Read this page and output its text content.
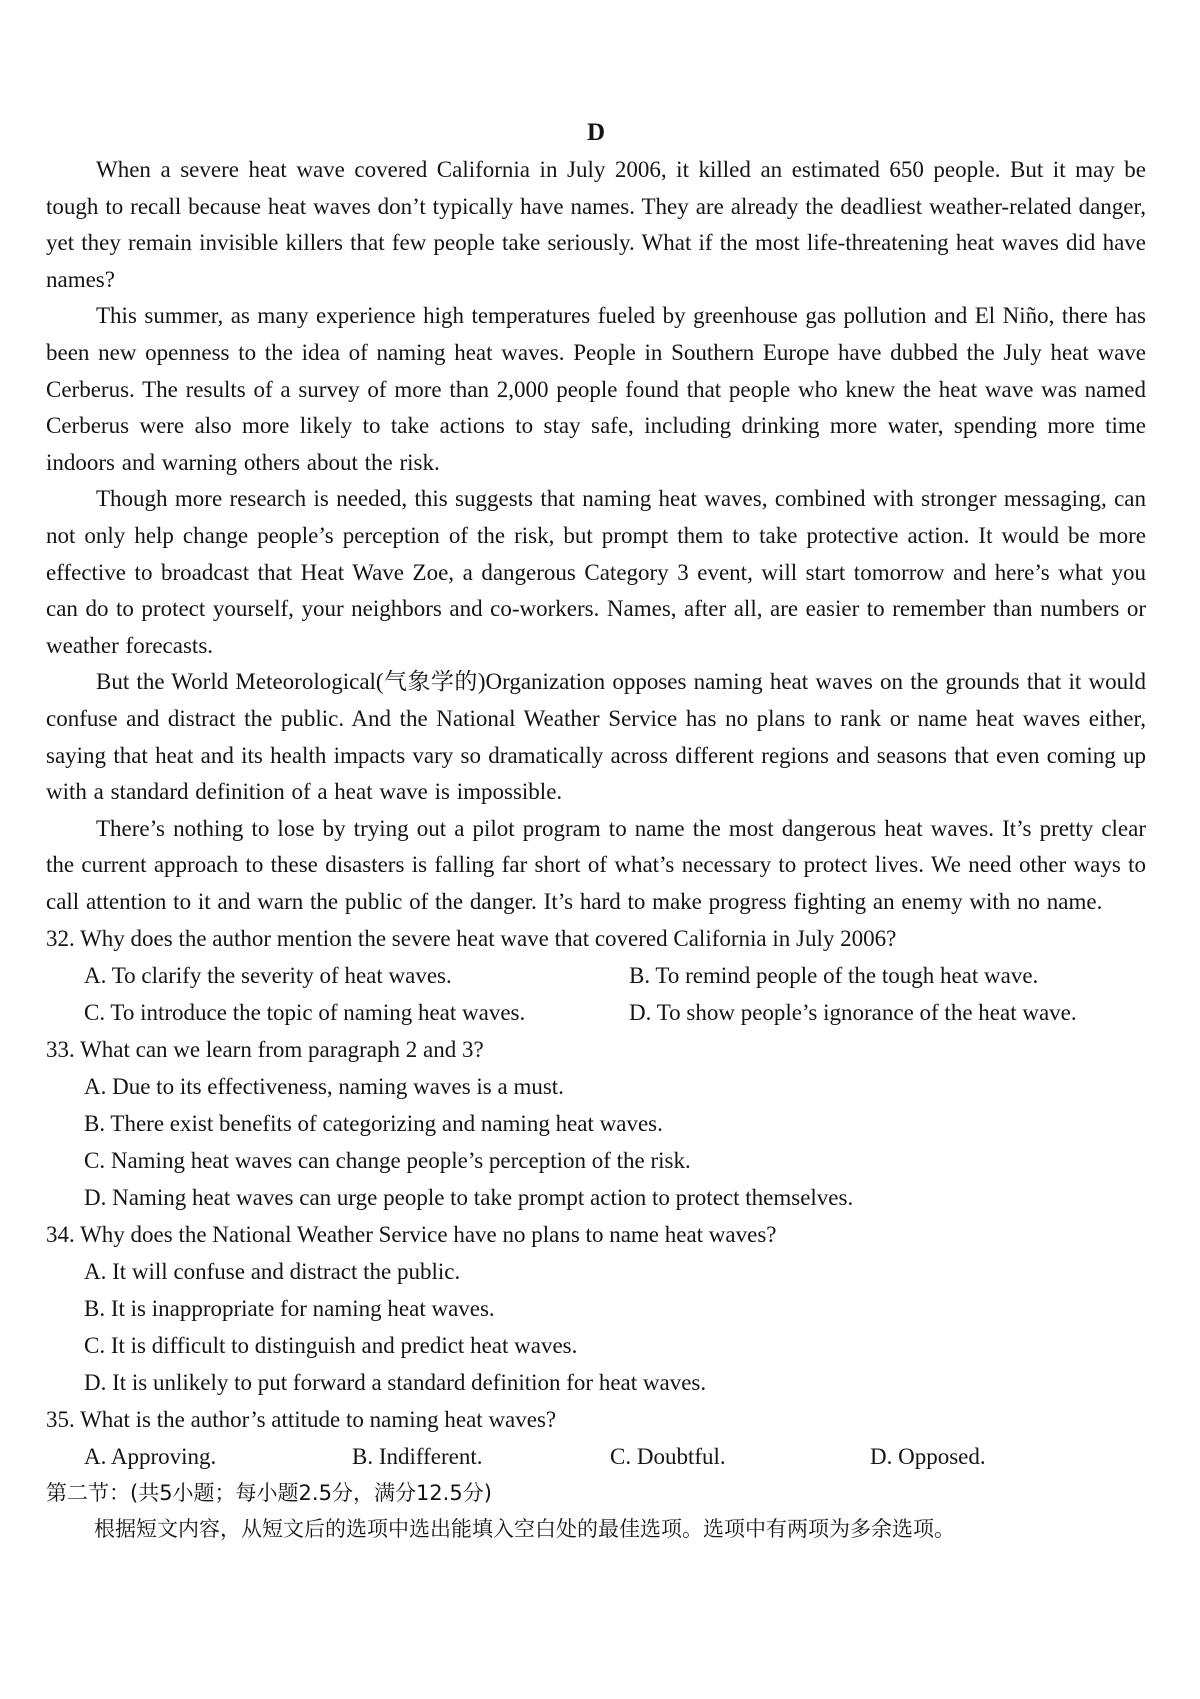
D

When a severe heat wave covered California in July 2006, it killed an estimated 650 people. But it may be tough to recall because heat waves don’t typically have names. They are already the deadliest weather-related danger, yet they remain invisible killers that few people take seriously. What if the most life-threatening heat waves did have names?

This summer, as many experience high temperatures fueled by greenhouse gas pollution and El Niño, there has been new openness to the idea of naming heat waves. People in Southern Europe have dubbed the July heat wave Cerberus. The results of a survey of more than 2,000 people found that people who knew the heat wave was named Cerberus were also more likely to take actions to stay safe, including drinking more water, spending more time indoors and warning others about the risk.

Though more research is needed, this suggests that naming heat waves, combined with stronger messaging, can not only help change people’s perception of the risk, but prompt them to take protective action. It would be more effective to broadcast that Heat Wave Zoe, a dangerous Category 3 event, will start tomorrow and here’s what you can do to protect yourself, your neighbors and co-workers. Names, after all, are easier to remember than numbers or weather forecasts.

But the World Meteorological(气象学的)Organization opposes naming heat waves on the grounds that it would confuse and distract the public. And the National Weather Service has no plans to rank or name heat waves either, saying that heat and its health impacts vary so dramatically across different regions and seasons that even coming up with a standard definition of a heat wave is impossible.

There’s nothing to lose by trying out a pilot program to name the most dangerous heat waves. It’s pretty clear the current approach to these disasters is falling far short of what’s necessary to protect lives. We need other ways to call attention to it and warn the public of the danger. It’s hard to make progress fighting an enemy with no name.

32. Why does the author mention the severe heat wave that covered California in July 2006?

A. To clarify the severity of heat waves.	B. To remind people of the tough heat wave.
C. To introduce the topic of naming heat waves.	D. To show people’s ignorance of the heat wave.

33. What can we learn from paragraph 2 and 3?

A. Due to its effectiveness, naming waves is a must.
B. There exist benefits of categorizing and naming heat waves.
C. Naming heat waves can change people’s perception of the risk.
D. Naming heat waves can urge people to take prompt action to protect themselves.

34. Why does the National Weather Service have no plans to name heat waves?

A. It will confuse and distract the public.
B. It is inappropriate for naming heat waves.
C. It is difficult to distinguish and predict heat waves.
D. It is unlikely to put forward a standard definition for heat waves.

35. What is the author’s attitude to naming heat waves?

A. Approving.	B. Indifferent.	C. Doubtful.	D. Opposed.

第二节：(共5小题；每小题2.5分，满分12.5分)

根据短文内容，从短文后的选项中选出能填入空白处的最佳选项。选项中有两项为多余选项。
